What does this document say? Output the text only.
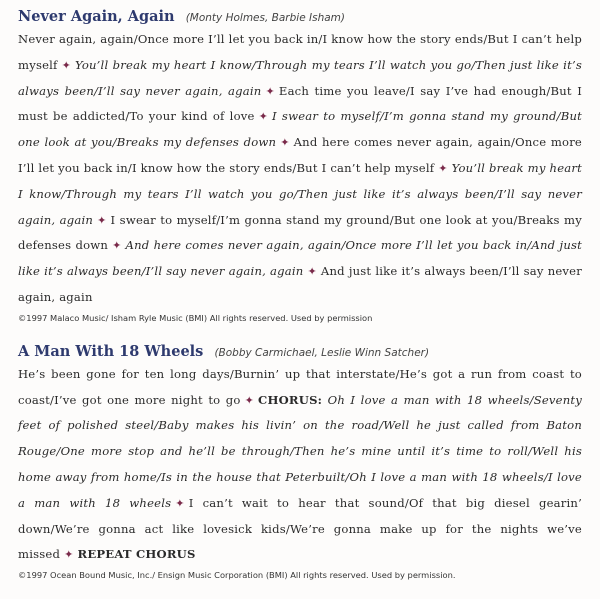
Never Again, Again (Monty Holmes, Barbie Isham)

Never again, again/Once more I’ll let you back in/I know how the story ends/But I can’t help myself ✦ You’ll break my heart I know/Through my tears I’ll watch you go/Then just like it’s always been/I’ll say never again, again ✦ Each time you leave/I say I’ve had enough/But I must be addicted/To your kind of love ✦ I swear to myself/I’m gonna stand my ground/But one look at you/Breaks my defenses down ✦ And here comes never again, again/Once more I’ll let you back in/I know how the story ends/But I can’t help myself ✦ You’ll break my heart I know/Through my tears I’ll watch you go/Then just like it’s always been/I’ll say never again, again ✦ I swear to myself/I’m gonna stand my ground/But one look at you/Breaks my defenses down ✦ And here comes never again, again/Once more I’ll let you back in/And just like it’s always been/I’ll say never again, again ✦ And just like it’s always been/I’ll say never again, again

©1997 Malaco Music/ Isham Ryle Music (BMI) All rights reserved. Used by permission

A Man With 18 Wheels (Bobby Carmichael, Leslie Winn Satcher)

He’s been gone for ten long days/Burnin’ up that interstate/He’s got a run from coast to coast/I’ve got one more night to go ✦ CHORUS: Oh I love a man with 18 wheels/Seventy feet of polished steel/Baby makes his livin’ on the road/Well he just called from Baton Rouge/One more stop and he’ll be through/Then he’s mine until it’s time to roll/Well his home away from home/Is in the house that Peterbuilt/Oh I love a man with 18 wheels/I love a man with 18 wheels ✦ I can’t wait to hear that sound/Of that big diesel gearin’ down/We’re gonna act like lovesick kids/We’re gonna make up for the nights we’ve missed ✦ REPEAT CHORUS

©1997 Ocean Bound Music, Inc./ Ensign Music Corporation (BMI) All rights reserved. Used by permission.
